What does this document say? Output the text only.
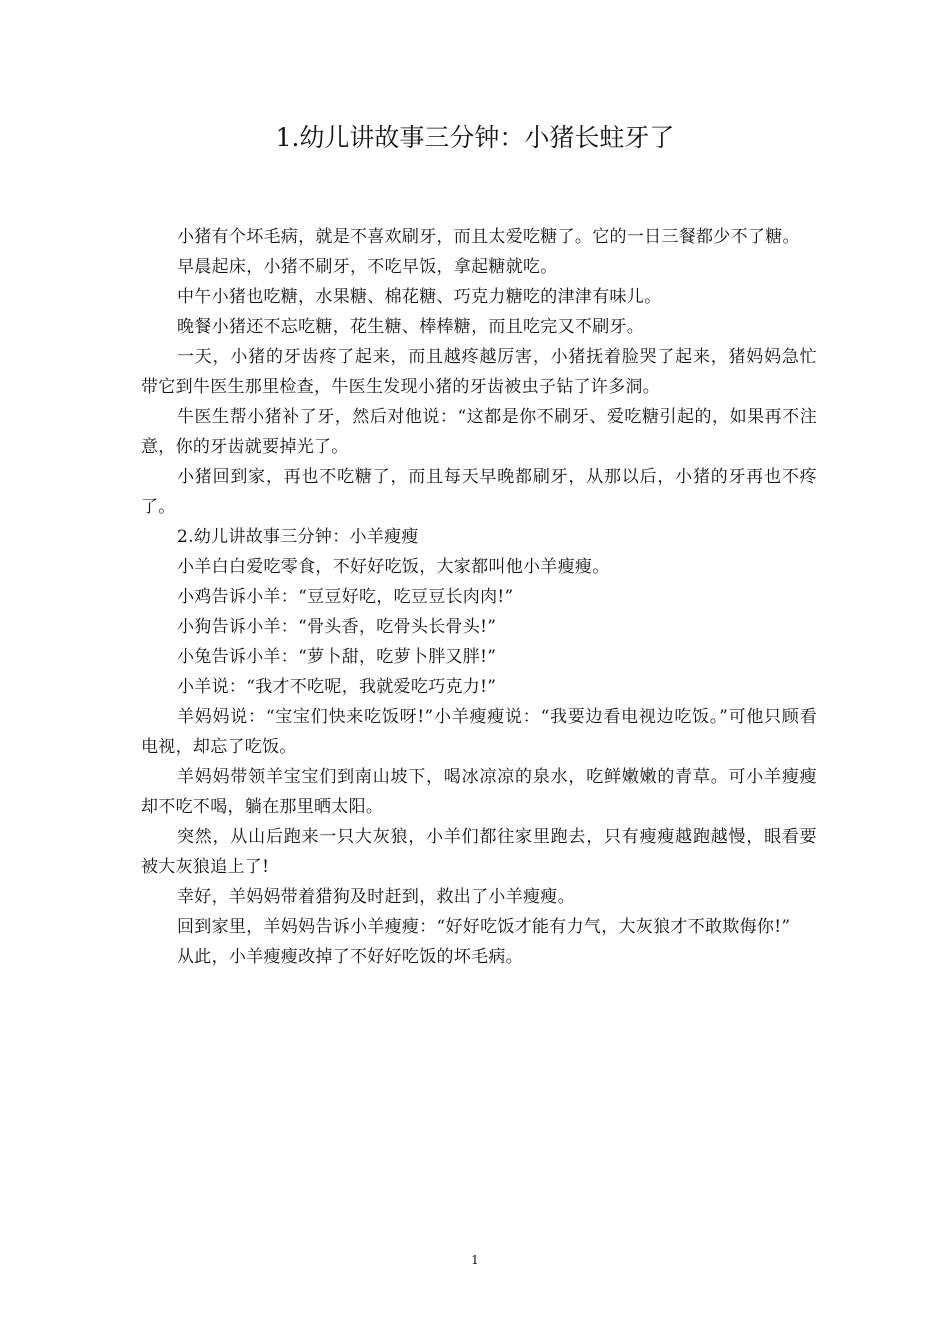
1.幼儿讲故事三分钟：小猪长蛀牙了

小猪有个坏毛病，就是不喜欢刷牙，而且太爱吃糖了。它的一日三餐都少不了糖。

早晨起床，小猪不刷牙，不吃早饭，拿起糖就吃。

中午小猪也吃糖，水果糖、棉花糖、巧克力糖吃的津津有味儿。

晚餐小猪还不忘吃糖，花生糖、棒棒糖，而且吃完又不刷牙。

一天，小猪的牙齿疼了起来，而且越疼越厉害，小猪抚着脸哭了起来，猪妈妈急忙带它到牛医生那里检查，牛医生发现小猪的牙齿被虫子钻了许多洞。

牛医生帮小猪补了牙，然后对他说：“这都是你不刷牙、爱吃糖引起的，如果再不注意，你的牙齿就要掉光了。

小猪回到家，再也不吃糖了，而且每天早晚都刷牙，从那以后，小猪的牙再也不疼了。

2.幼儿讲故事三分钟：小羊瘦瘦

小羊白白爱吃零食，不好好吃饭，大家都叫他小羊瘦瘦。

小鸡告诉小羊：“豆豆好吃，吃豆豆长肉肉!”

小狗告诉小羊：“骨头香，吃骨头长骨头!”

小兔告诉小羊：“萝卜甜，吃萝卜胖又胖!”

小羊说：“我才不吃呢，我就爱吃巧克力!”

羊妈妈说：“宝宝们快来吃饭呀!”小羊瘦瘦说：“我要边看电视边吃饭。”可他只顾看电视，却忘了吃饭。

羊妈妈带领羊宝宝们到南山坡下，喝冰凉凉的泉水，吃鲜嫩嫩的青草。可小羊瘦瘦却不吃不喝，躺在那里晒太阳。

突然，从山后跑来一只大灰狼，小羊们都往家里跑去，只有瘦瘦越跑越慢，眼看要被大灰狼追上了!

幸好，羊妈妈带着猎狗及时赶到，救出了小羊瘦瘦。

回到家里，羊妈妈告诉小羊瘦瘦：“好好吃饭才能有力气，大灰狼才不敢欺侮你!”

从此，小羊瘦瘦改掉了不好好吃饭的坏毛病。

1
